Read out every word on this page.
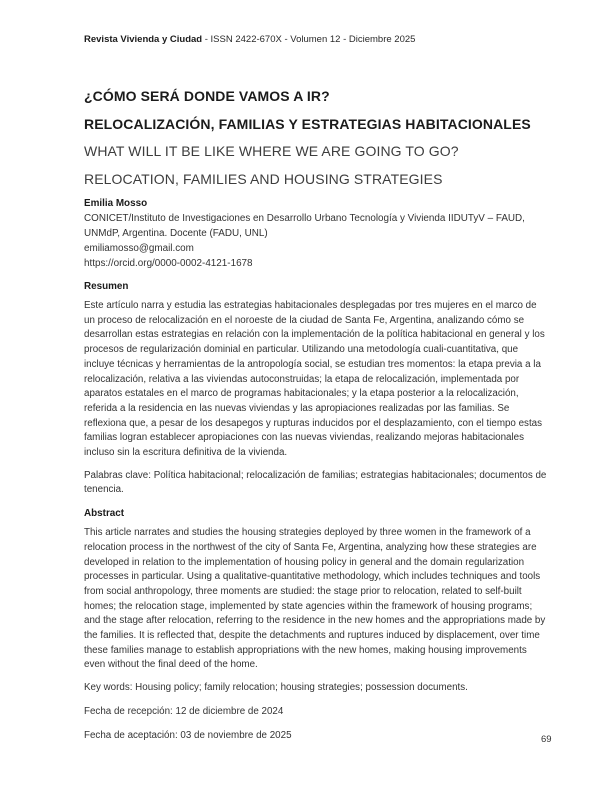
Revista Vivienda y Ciudad - ISSN 2422-670X - Volumen 12 - Diciembre 2025
¿CÓMO SERÁ DONDE VAMOS A IR?
RELOCALIZACIÓN, FAMILIAS Y ESTRATEGIAS HABITACIONALES
WHAT WILL IT BE LIKE WHERE WE ARE GOING TO GO?
RELOCATION, FAMILIES AND HOUSING STRATEGIES
Emilia Mosso
CONICET/Instituto de Investigaciones en Desarrollo Urbano Tecnología y Vivienda IIDUTyV – FAUD, UNMdP, Argentina. Docente (FADU, UNL)
emiliamosso@gmail.com
https://orcid.org/0000-0002-4121-1678
Resumen
Este artículo narra y estudia las estrategias habitacionales desplegadas por tres mujeres en el marco de un proceso de relocalización en el noroeste de la ciudad de Santa Fe, Argentina, analizando cómo se desarrollan estas estrategias en relación con la implementación de la política habitacional en general y los procesos de regularización dominial en particular. Utilizando una metodología cuali-cuantitativa, que incluye técnicas y herramientas de la antropología social, se estudian tres momentos: la etapa previa a la relocalización, relativa a las viviendas autoconstruidas; la etapa de relocalización, implementada por aparatos estatales en el marco de programas habitacionales; y la etapa posterior a la relocalización, referida a la residencia en las nuevas viviendas y las apropiaciones realizadas por las familias. Se reflexiona que, a pesar de los desapegos y rupturas inducidos por el desplazamiento, con el tiempo estas familias logran establecer apropiaciones con las nuevas viviendas, realizando mejoras habitacionales incluso sin la escritura definitiva de la vivienda.
Palabras clave: Política habitacional; relocalización de familias; estrategias habitacionales; documentos de tenencia.
Abstract
This article narrates and studies the housing strategies deployed by three women in the framework of a relocation process in the northwest of the city of Santa Fe, Argentina, analyzing how these strategies are developed in relation to the implementation of housing policy in general and the domain regularization processes in particular. Using a qualitative-quantitative methodology, which includes techniques and tools from social anthropology, three moments are studied: the stage prior to relocation, related to self-built homes; the relocation stage, implemented by state agencies within the framework of housing programs; and the stage after relocation, referring to the residence in the new homes and the appropriations made by the families. It is reflected that, despite the detachments and ruptures induced by displacement, over time these families manage to establish appropriations with the new homes, making housing improvements even without the final deed of the home.
Key words: Housing policy; family relocation; housing strategies; possession documents.
Fecha de recepción: 12 de diciembre de 2024
Fecha de aceptación: 03 de noviembre de 2025	69
